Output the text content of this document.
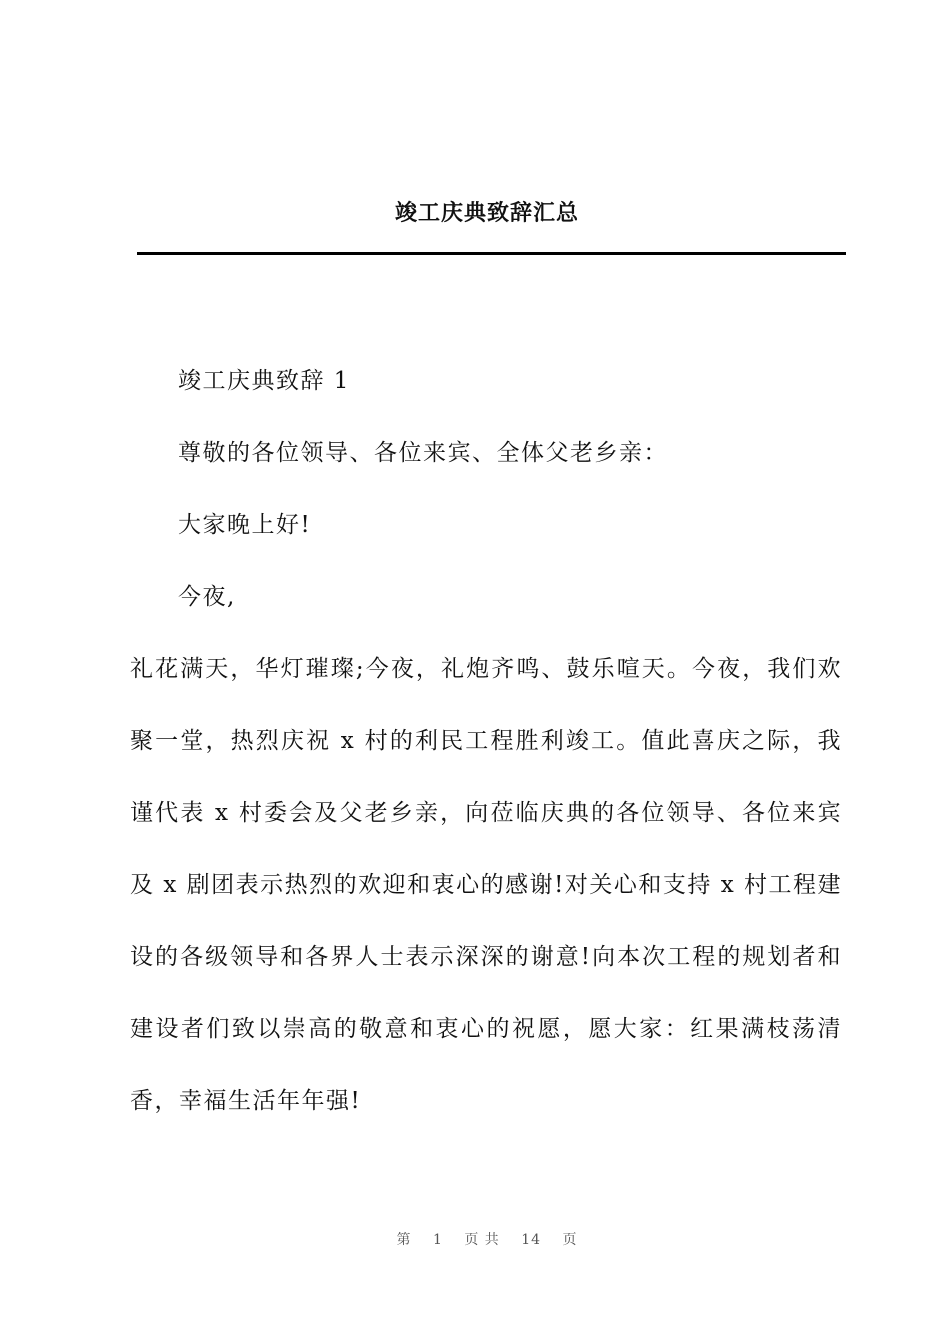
竣工庆典致辞汇总

竣工庆典致辞 1

尊敬的各位领导、各位来宾、全体父老乡亲：

大家晚上好!

今夜,

礼花满天，华灯璀璨;今夜，礼炮齐鸣、鼓乐喧天。今夜，我们欢聚一堂，热烈庆祝 x 村的利民工程胜利竣工。值此喜庆之际，我谨代表 x 村委会及父老乡亲，向莅临庆典的各位领导、各位来宾及 x 剧团表示热烈的欢迎和衷心的感谢!对关心和支持 x 村工程建设的各级领导和各界人士表示深深的谢意!向本次工程的规划者和建设者们致以崇高的敬意和衷心的祝愿，愿大家：红果满枝荡清香，幸福生活年年强!

第 1 页 共 14 页
